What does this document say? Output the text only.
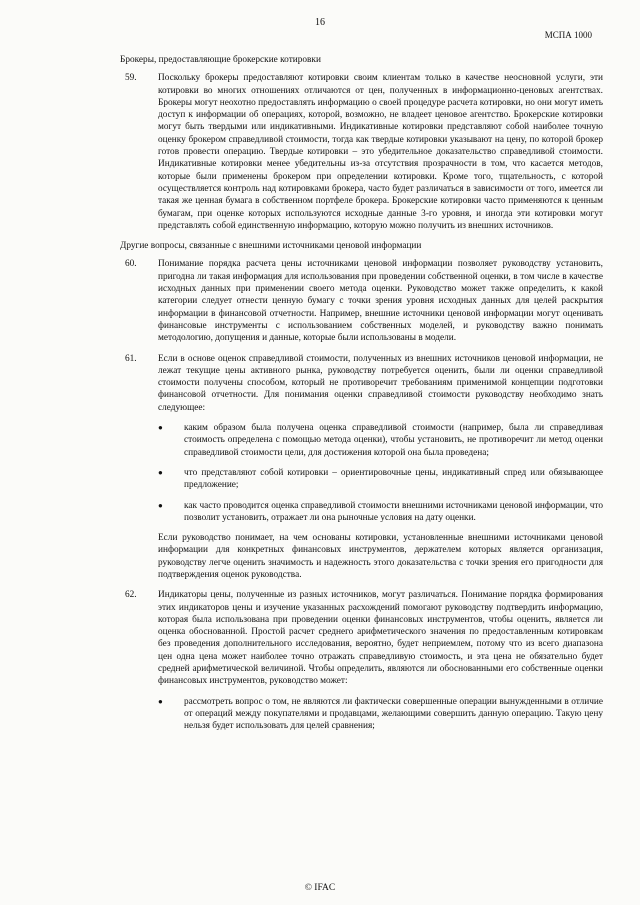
16
МСПА 1000
Брокеры, предоставляющие брокерские котировки
59.	Поскольку брокеры предоставляют котировки своим клиентам только в качестве неосновной услуги, эти котировки во многих отношениях отличаются от цен, полученных в информационно-ценовых агентствах. Брокеры могут неохотно предоставлять информацию о своей процедуре расчета котировки, но они могут иметь доступ к информации об операциях, которой, возможно, не владеет ценовое агентство. Брокерские котировки могут быть твердыми или индикативными. Индикативные котировки представляют собой наиболее точную оценку брокером справедливой стоимости, тогда как твердые котировки указывают на цену, по которой брокер готов провести операцию. Твердые котировки – это убедительное доказательство справедливой стоимости. Индикативные котировки менее убедительны из-за отсутствия прозрачности в том, что касается методов, которые были применены брокером при определении котировки. Кроме того, тщательность, с которой осуществляется контроль над котировками брокера, часто будет различаться в зависимости от того, имеется ли такая же ценная бумага в собственном портфеле брокера. Брокерские котировки часто применяются к ценным бумагам, при оценке которых используются исходные данные 3-го уровня, и иногда эти котировки могут представлять собой единственную информацию, которую можно получить из внешних источников.

Другие вопросы, связанные с внешними источниками ценовой информации
60.	Понимание порядка расчета цены источниками ценовой информации позволяет руководству установить, пригодна ли такая информация для использования при проведении собственной оценки, в том числе в качестве исходных данных при применении своего метода оценки. Руководство может также определить, к какой категории следует отнести ценную бумагу с точки зрения уровня исходных данных для целей раскрытия информации в финансовой отчетности. Например, внешние источники ценовой информации могут оценивать финансовые инструменты с использованием собственных моделей, и руководству важно понимать методологию, допущения и данные, которые были использованы в модели.

61.	Если в основе оценок справедливой стоимости, полученных из внешних источников ценовой информации, не лежат текущие цены активного рынка, руководству потребуется оценить, были ли оценки справедливой стоимости получены способом, который не противоречит требованиям применимой концепции подготовки финансовой отчетности. Для понимания оценки справедливой стоимости руководству необходимо знать следующее:

●	каким образом была получена оценка справедливой стоимости (например, была ли справедливая стоимость определена с помощью метода оценки), чтобы установить, не противоречит ли метод оценки справедливой стоимости цели, для достижения которой она была проведена;
●	что представляют собой котировки – ориентировочные цены, индикативный спред или обязывающее предложение;
●	как часто проводится оценка справедливой стоимости внешними источниками ценовой информации, что позволит установить, отражает ли она рыночные условия на дату оценки.

Если руководство понимает, на чем основаны котировки, установленные внешними источниками ценовой информации для конкретных финансовых инструментов, держателем которых является организация, руководству легче оценить значимость и надежность этого доказательства с точки зрения его пригодности для подтверждения оценок руководства.

62.	Индикаторы цены, полученные из разных источников, могут различаться. Понимание порядка формирования этих индикаторов цены и изучение указанных расхождений помогают руководству подтвердить информацию, которая была использована при проведении оценки финансовых инструментов, чтобы оценить, является ли оценка обоснованной. Простой расчет среднего арифметического значения по предоставленным котировкам без проведения дополнительного исследования, вероятно, будет неприемлем, потому что из всего диапазона цен одна цена может наиболее точно отражать справедливую стоимость, и эта цена не обязательно будет средней арифметической величиной. Чтобы определить, являются ли обоснованными его собственные оценки финансовых инструментов, руководство может:

●	рассмотреть вопрос о том, не являются ли фактически совершенные операции вынужденными в отличие от операций между покупателями и продавцами, желающими совершить данную операцию. Такую цену нельзя будет использовать для целей сравнения;
© IFAC
